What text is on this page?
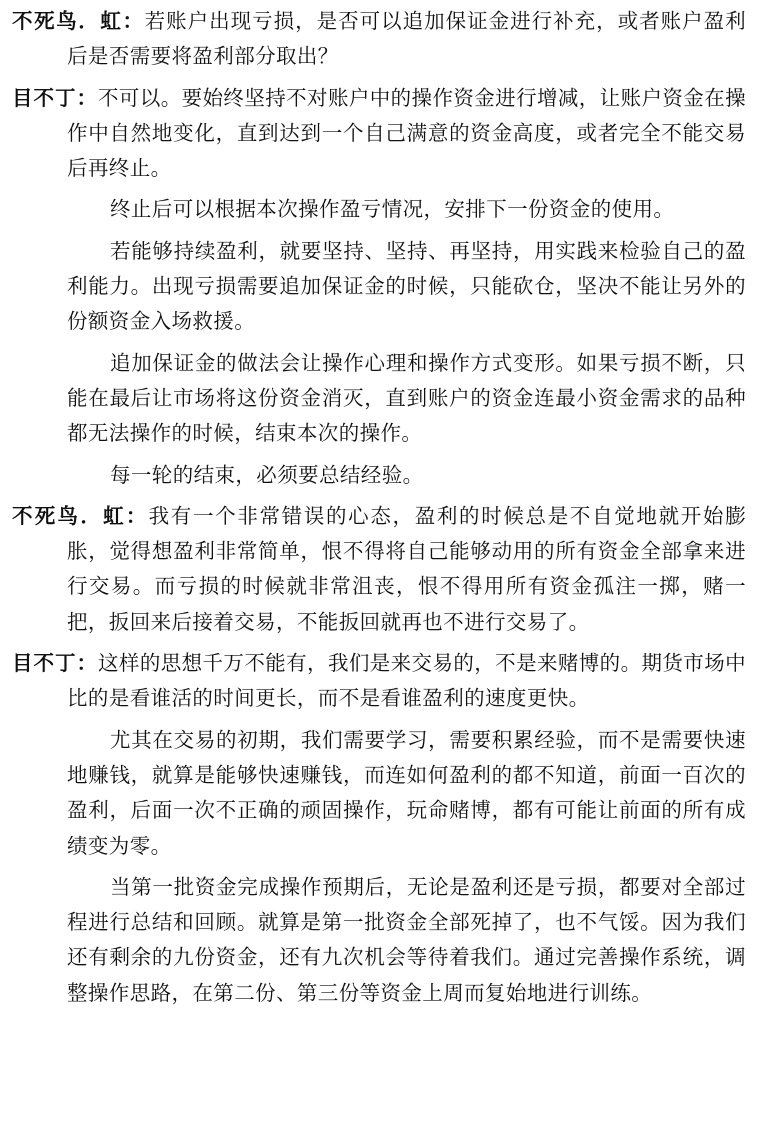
不死鸟．虹：若账户出现亏损，是否可以追加保证金进行补充，或者账户盈利后是否需要将盈利部分取出？
目不丁：不可以。要始终坚持不对账户中的操作资金进行增减，让账户资金在操作中自然地变化，直到达到一个自己满意的资金高度，或者完全不能交易后再终止。
终止后可以根据本次操作盈亏情况，安排下一份资金的使用。
若能够持续盈利，就要坚持、坚持、再坚持，用实践来检验自己的盈利能力。出现亏损需要追加保证金的时候，只能砍仓，坚决不能让另外的份额资金入场救援。
追加保证金的做法会让操作心理和操作方式变形。如果亏损不断，只能在最后让市场将这份资金消灭，直到账户的资金连最小资金需求的品种都无法操作的时候，结束本次的操作。
每一轮的结束，必须要总结经验。
不死鸟．虹：我有一个非常错误的心态，盈利的时候总是不自觉地就开始膨胀，觉得想盈利非常简单，恨不得将自己能够动用的所有资金全部拿来进行交易。而亏损的时候就非常沮丧，恨不得用所有资金孤注一掷，赌一把，扳回来后接着交易，不能扳回就再也不进行交易了。
目不丁：这样的思想千万不能有，我们是来交易的，不是来赌博的。期货市场中比的是看谁活的时间更长，而不是看谁盈利的速度更快。
尤其在交易的初期，我们需要学习，需要积累经验，而不是需要快速地赚钱，就算是能够快速赚钱，而连如何盈利的都不知道，前面一百次的盈利，后面一次不正确的顽固操作，玩命赌博，都有可能让前面的所有成绩变为零。
当第一批资金完成操作预期后，无论是盈利还是亏损，都要对全部过程进行总结和回顾。就算是第一批资金全部死掉了，也不气馁。因为我们还有剩余的九份资金，还有九次机会等待着我们。通过完善操作系统，调整操作思路，在第二份、第三份等资金上周而复始地进行训练。
